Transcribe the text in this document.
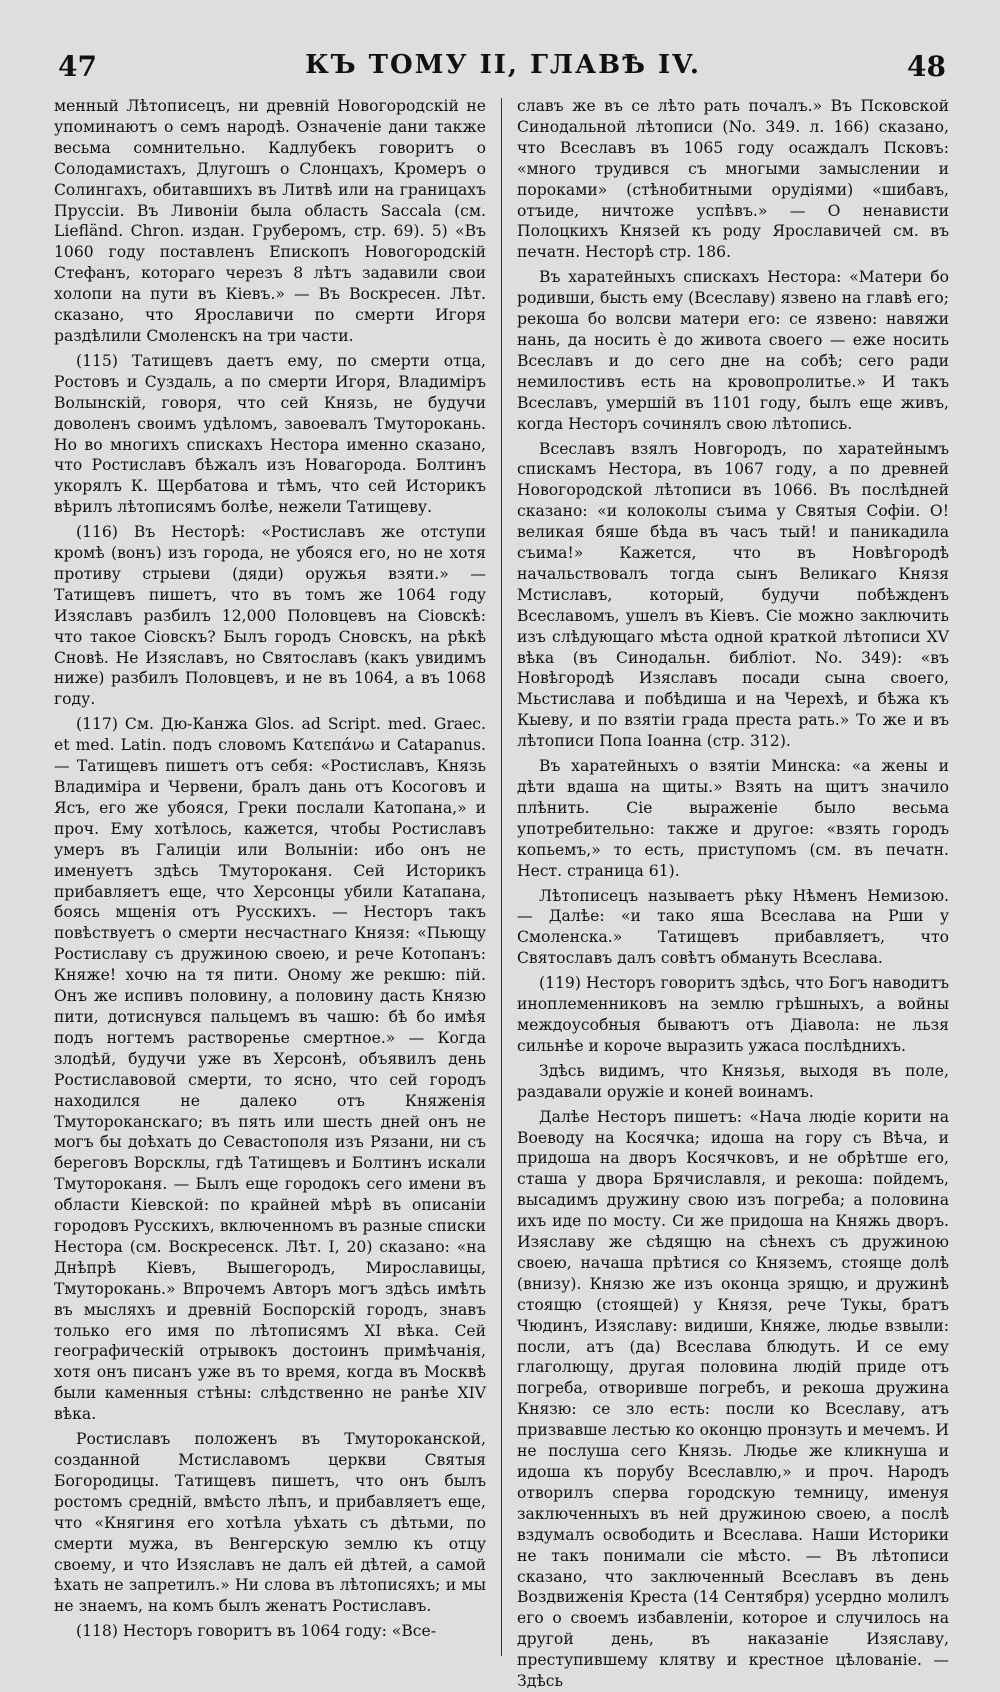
47	КЪ ТОМУ II, ГЛАВѢ IV.	48

менный Лѣтописецъ, ни древній Новогородскій не упоминаютъ о семъ народѣ. Означеніе дани также весьма сомнительно. Кадлубекъ говоритъ о Солодамистахъ, Длугошъ о Слонцахъ, Кромеръ о Солингахъ, обитавшихъ въ Литвѣ или на границахъ Пруссіи. Въ Ливоніи была область Saccala (см. Liefländ. Chron. издан. Груберомъ, стр. 69). 5) «Въ 1060 году поставленъ Епископъ Новогородскій Стефанъ, котораго черезъ 8 лѣтъ задавили свои холопи на пути въ Кіевъ.» — Въ Воскресен. Лѣт. сказано, что Ярославичи по смерти Игоря раздѣлили Смоленскъ на три части.

(115) Татищевъ даетъ ему, по смерти отца, Ростовъ и Суздаль, а по смерти Игоря, Владиміръ Волынскій, говоря, что сей Князь, не будучи доволенъ своимъ удѣломъ, завоевалъ Тмуторокань. Но во многихъ спискахъ Нестора именно сказано, что Ростиславъ бѣжалъ изъ Новагорода. Болтинъ укорялъ К. Щербатова и тѣмъ, что сей Историкъ вѣрилъ лѣтописямъ болѣе, нежели Татищеву.

(116) Въ Несторѣ: «Ростиславъ же отступи кромѣ (вонъ) изъ города, не убояся его, но не хотя противу стрыеви (дяди) оружья взяти.» — Татищевъ пишетъ, что въ томъ же 1064 году Изяславъ разбилъ 12,000 Половцевъ на Сіовскѣ: что такое Сіовскъ? Былъ городъ Сновскъ, на рѣкѣ Сновѣ. Не Изяславъ, но Святославъ (какъ увидимъ ниже) разбилъ Половцевъ, и не въ 1064, а въ 1068 году.

(117) См. Дю-Канжа Glos. ad Script. med. Graec. et med. Latin. подъ словомъ Κατεπάνω и Catapanus. — Татищевъ пишетъ отъ себя: «Ростиславъ, Князь Владиміра и Червени, бралъ дань отъ Косоговъ и Ясъ, его же убояся, Греки послали Катопана,» и проч. Ему хотѣлось, кажется, чтобы Ростиславъ умеръ въ Галиціи или Волыніи: ибо онъ не именуетъ здѣсь Тмутороканя. Сей Историкъ прибавляетъ еще, что Херсонцы убили Катапана, боясь мщенія отъ Русскихъ. — Несторъ такъ повѣствуетъ о смерти несчастнаго Князя: «Пьющу Ростиславу съ дружиною своею, и рече Котопанъ: Княже! хочю на тя пити. Оному же рекшю: пій. Онъ же испивъ половину, а половину дасть Князю пити, дотиснувся пальцемъ въ чашю: бѣ бо имѣя подъ ногтемъ растворенье смертное.» — Когда злодѣй, будучи уже въ Херсонѣ, объявилъ день Ростиславовой смерти, то ясно, что сей городъ находился не далеко отъ Княженія Тмутороканскаго; въ пять или шесть дней онъ не могъ бы доѣхать до Севастополя изъ Рязани, ни съ береговъ Ворсклы, гдѣ Татищевъ и Болтинъ искали Тмутороканя. — Былъ еще городокъ сего имени въ области Кіевской: по крайней мѣрѣ въ описаніи городовъ Русскихъ, включенномъ въ разные списки Нестора (см. Воскресенск. Лѣт. I, 20) сказано: «на Днѣпрѣ Кіевъ, Вышегородъ, Мирославицы, Тмуторокань.» Впрочемъ Авторъ могъ здѣсь имѣть въ мысляхъ и древній Боспорскій городъ, знавъ только его имя по лѣтописямъ XI вѣка. Сей географическій отрывокъ достоинъ примѣчанія, хотя онъ писанъ уже въ то время, когда въ Москвѣ были каменныя стѣны: слѣдственно не ранѣе XIV вѣка.

Ростиславъ положенъ въ Тмутороканской, созданной Мстиславомъ церкви Святыя Богородицы. Татищевъ пишетъ, что онъ былъ ростомъ средній, вмѣсто лѣпъ, и прибавляетъ еще, что «Княгиня его хотѣла уѣхать съ дѣтьми, по смерти мужа, въ Венгерскую землю къ отцу своему, и что Изяславъ не далъ ей дѣтей, а самой ѣхать не запретилъ.» Ни слова въ лѣтописяхъ; и мы не знаемъ, на комъ былъ женатъ Ростиславъ.

(118) Несторъ говоритъ въ 1064 году: «Все-

славъ же въ се лѣто рать почалъ.» Въ Псковской Синодальной лѣтописи (No. 349. л. 166) сказано, что Всеславъ въ 1065 году осаждалъ Псковъ: «много трудився съ многыми замыслении и пороками» (стѣнобитными орудіями) «шибавъ, отъиде, ничтоже успѣвъ.» — О ненависти Полоцкихъ Князей къ роду Ярославичей см. въ печатн. Несторѣ стр. 186.

Въ харатейныхъ спискахъ Нестора: «Матери бо родивши, бысть ему (Всеславу) язвено на главѣ его; рекоша бо волсви матери его: се язвено: навяжи нань, да носить ѐ до живота своего — еже носить Всеславъ и до сего дне на собѣ; сего ради немилостивъ есть на кровопролитье.» И такъ Всеславъ, умершій въ 1101 году, былъ еще живъ, когда Несторъ сочинялъ свою лѣтопись.

Всеславъ взялъ Новгородъ, по харатейнымъ спискамъ Нестора, въ 1067 году, а по древней Новогородской лѣтописи въ 1066. Въ послѣдней сказано: «и колоколы съима у Святыя Софіи. О! великая бяше бѣда въ часъ тый! и паникадила съима!» Кажется, что въ Новѣгородѣ начальствовалъ тогда сынъ Великаго Князя Мстиславъ, который, будучи побѣжденъ Всеславомъ, ушелъ въ Кіевъ. Сіе можно заключить изъ слѣдующаго мѣста одной краткой лѣтописи XV вѣка (въ Синодальн. библіот. No. 349): «въ Новѣгородѣ Изяславъ посади сына своего, Мьстислава и побѣдиша и на Черехѣ, и бѣжа къ Кыеву, и по взятіи града преста рать.» То же и въ лѣтописи Попа Іоанна (стр. 312).

Въ харатейныхъ о взятіи Минска: «а жены и дѣти вдаша на щиты.» Взять на щитъ значило плѣнить. Сіе выраженіе было весьма употребительно: также и другое: «взять городъ копьемъ,» то есть, приступомъ (см. въ печатн. Нест. страница 61).

Лѣтописецъ называетъ рѣку Нѣменъ Немизою. — Далѣе: «и тако яша Всеслава на Рши у Смоленска.» Татищевъ прибавляетъ, что Святославъ далъ совѣтъ обмануть Всеслава.

(119) Несторъ говоритъ здѣсь, что Богъ наводитъ иноплеменниковъ на землю грѣшныхъ, а войны междоусобныя бываютъ отъ Діавола: не льзя сильнѣе и короче выразить ужаса послѣднихъ.

Здѣсь видимъ, что Князья, выходя въ поле, раздавали оружіе и коней воинамъ.

Далѣе Несторъ пишетъ: «Нача людіе корити на Воеводу на Косячка; идоша на гору съ Вѣча, и придоша на дворъ Косячковъ, и не обрѣтше его, сташа у двора Брячиславля, и рекоша: пойдемъ, высадимъ дружину свою изъ погреба; а половина ихъ иде по мосту. Си же придоша на Княжь дворъ. Изяславу же сѣдящю на сѣнехъ съ дружиною своею, начаша прѣтися со Княземъ, стояще долѣ (внизу). Князю же изъ оконца зрящю, и дружинѣ стоящю (стоящей) у Князя, рече Тукы, братъ Чюдинъ, Изяславу: видиши, Княже, людье взвыли: посли, атъ (да) Всеслава блюдуть. И се ему глаголющу, другая половина людій приде отъ погреба, отворивше погребъ, и рекоша дружина Князю: се зло есть: посли ко Всеславу, атъ призвавше лестью ко оконцю пронзуть и мечемъ. И не послуша сего Князь. Людье же кликнуша и идоша къ порубу Всеславлю,» и проч. Народъ отворилъ сперва городскую темницу, именуя заключенныхъ въ ней дружиною своею, а послѣ вздумалъ освободить и Всеслава. Наши Историки не такъ понимали сіе мѣсто. — Въ лѣтописи сказано, что заключенный Всеславъ въ день Воздвиженія Креста (14 Сентября) усердно молилъ его о своемъ избавленіи, которое и случилось на другой день, въ наказаніе Изяславу, преступившему клятву и крестное цѣлованіе. — Здѣсь
